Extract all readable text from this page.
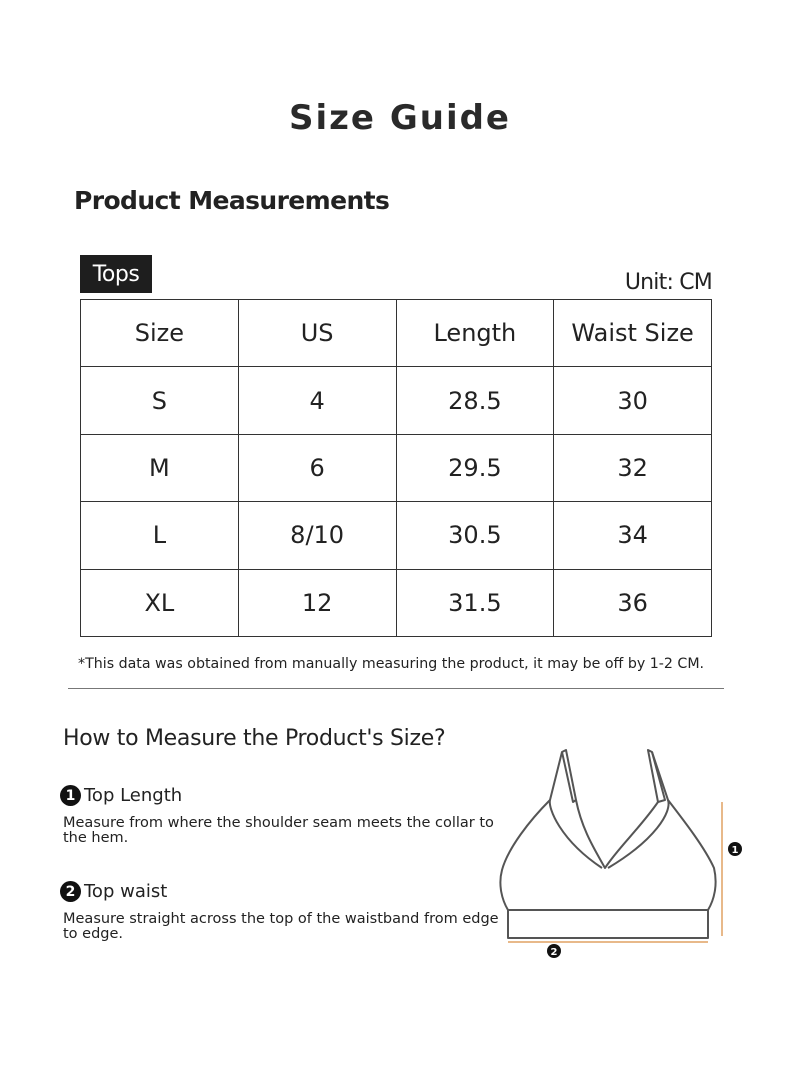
Size Guide
Product Measurements
Tops	Unit: CM
Size	US	Length	Waist Size
S	4	28.5	30
M	6	29.5	32
L	8/10	30.5	34
XL	12	31.5	36
*This data was obtained from manually measuring the product, it may be off by 1-2 CM.
How to Measure the Product's Size?
1 Top Length
Measure from where the shoulder seam meets the collar to the hem.
2 Top waist
Measure straight across the top of the waistband from edge to edge.
1
2
